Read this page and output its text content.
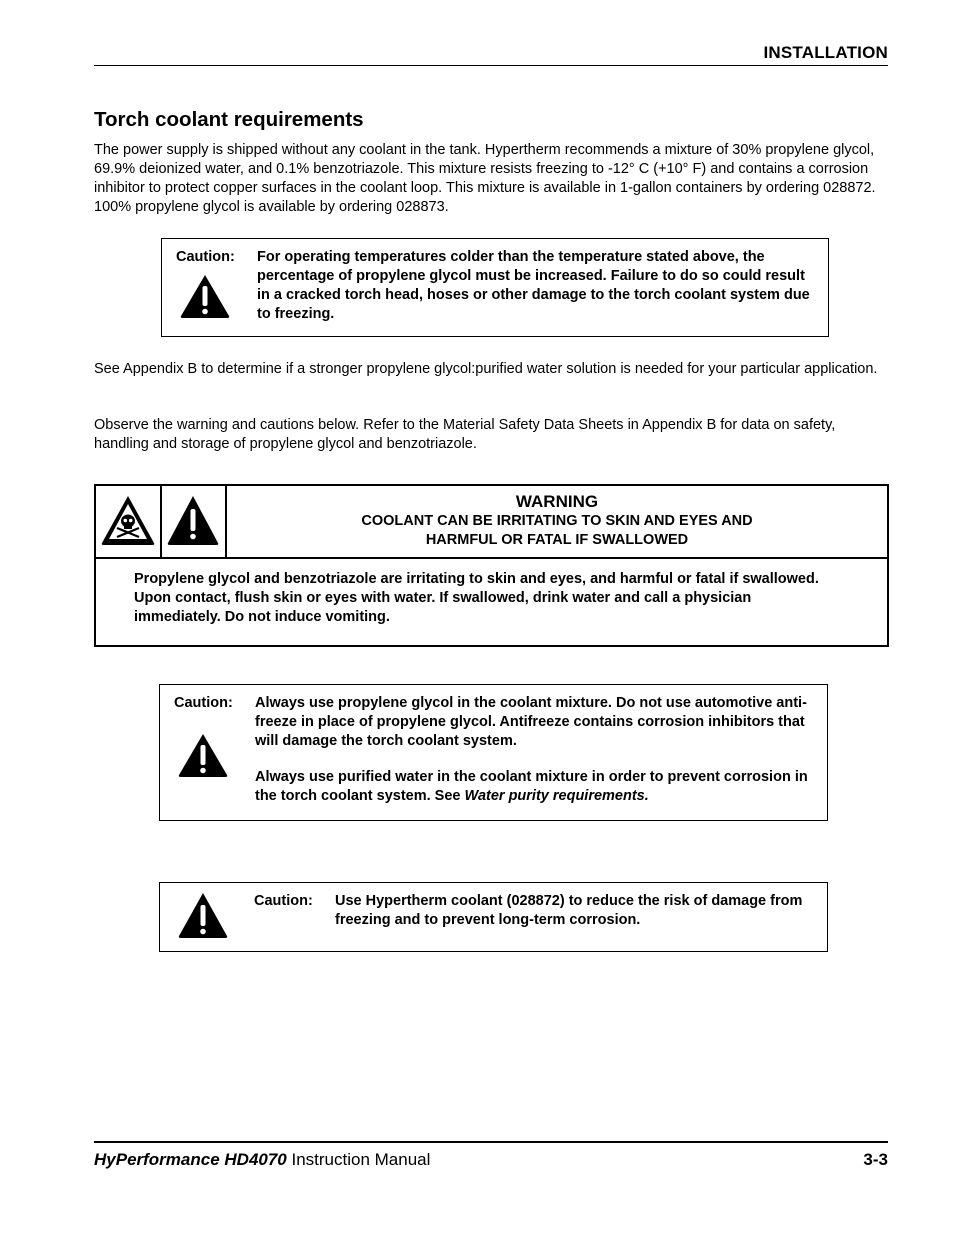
INSTALLATION
Torch coolant requirements
The power supply is shipped without any coolant in the tank. Hypertherm recommends a mixture of 30% propylene glycol, 69.9% deionized water, and 0.1% benzotriazole. This mixture resists freezing to -12° C (+10° F) and contains a corrosion inhibitor to protect copper surfaces in the coolant loop. This mixture is available in 1-gallon containers by ordering 028872. 100% propylene glycol is available by ordering 028873.
Caution: For operating temperatures colder than the temperature stated above, the percentage of propylene glycol must be increased. Failure to do so could result in a cracked torch head, hoses or other damage to the torch coolant system due to freezing.
See Appendix B to determine if a stronger propylene glycol:purified water solution is needed for your particular application.
Observe the warning and cautions below. Refer to the Material Safety Data Sheets in Appendix B for data on safety, handling and storage of propylene glycol and benzotriazole.
WARNING
COOLANT CAN BE IRRITATING TO SKIN AND EYES AND
HARMFUL OR FATAL IF SWALLOWED
Propylene glycol and benzotriazole are irritating to skin and eyes, and harmful or fatal if swallowed. Upon contact, flush skin or eyes with water. If swallowed, drink water and call a physician immediately. Do not induce vomiting.
Caution: Always use propylene glycol in the coolant mixture. Do not use automotive anti-freeze in place of propylene glycol. Antifreeze contains corrosion inhibitors that will damage the torch coolant system.

Always use purified water in the coolant mixture in order to prevent corrosion in the torch coolant system. See Water purity requirements.

Caution: Use Hypertherm coolant (028872) to reduce the risk of damage from freezing and to prevent long-term corrosion.
HyPerformance HD4070 Instruction Manual	3-3
